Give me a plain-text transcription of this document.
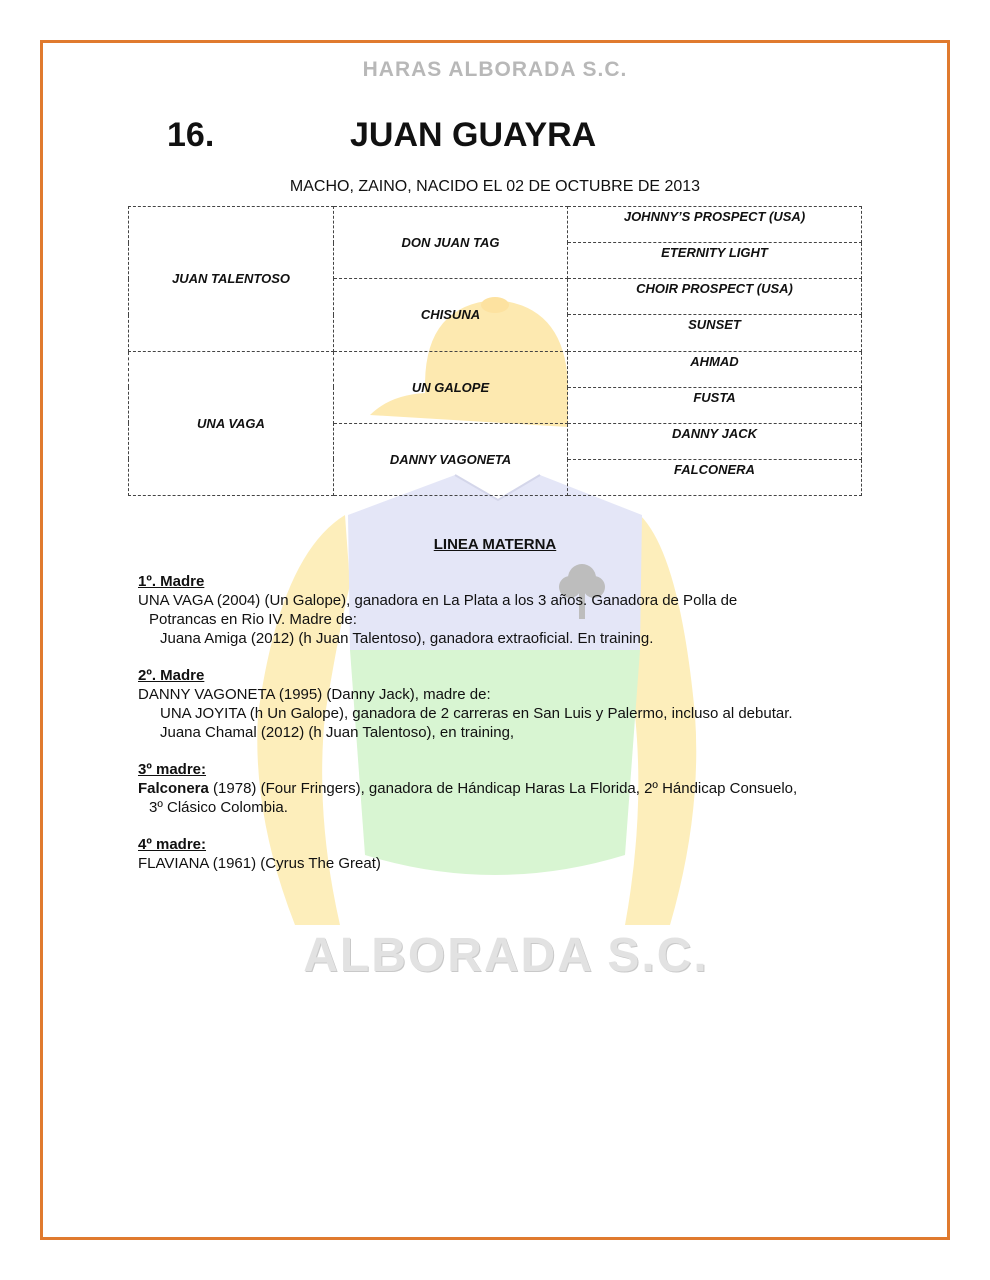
HARAS ALBORADA S.C.
16.	JUAN GUAYRA
MACHO, ZAINO, NACIDO EL 02 DE OCTUBRE DE 2013
ALBORADA S.C.
JUAN TALENTOSO	DON JUAN TAG	JOHNNY’S PROSPECT (USA)
		ETERNITY LIGHT
	CHISUNA	CHOIR PROSPECT (USA)
		SUNSET
UNA VAGA	UN GALOPE	AHMAD
		FUSTA
	DANNY VAGONETA	DANNY JACK
		FALCONERA
LINEA MATERNA
1º. Madre
UNA VAGA (2004) (Un Galope), ganadora en La Plata a los 3 años. Ganadora de Polla de
Potrancas en Rio IV. Madre de:
Juana Amiga (2012) (h Juan Talentoso), ganadora extraoficial. En training.
2º. Madre
DANNY VAGONETA (1995) (Danny Jack), madre de:
UNA JOYITA (h Un Galope), ganadora de 2 carreras en San Luis y Palermo, incluso al debutar.
Juana Chamal (2012) (h Juan Talentoso), en training,
3º madre:
Falconera (1978) (Four Fringers), ganadora de Hándicap Haras La Florida, 2º Hándicap Consuelo,
3º Clásico Colombia.
4º madre:
FLAVIANA (1961) (Cyrus The Great)
